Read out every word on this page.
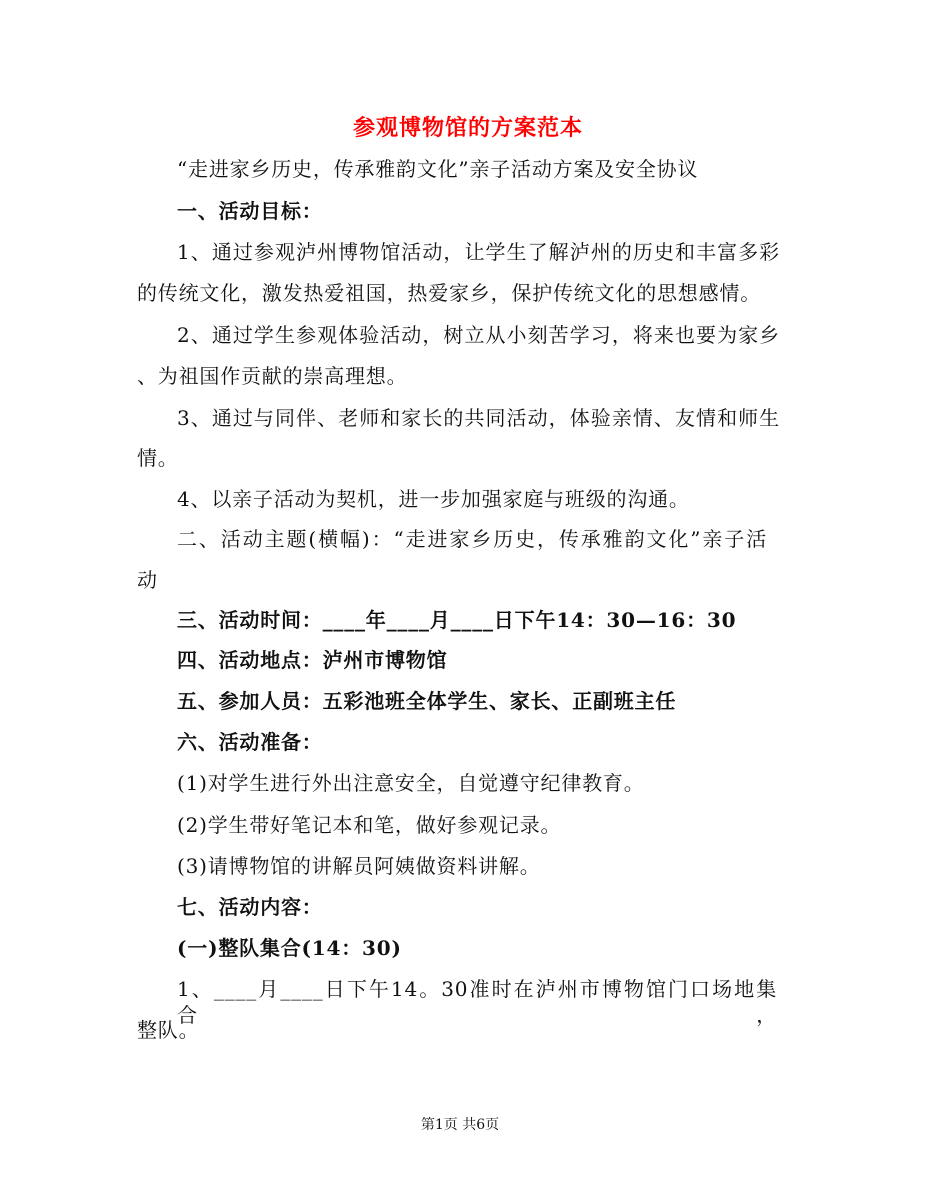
参观博物馆的方案范本
“走进家乡历史，传承雅韵文化”亲子活动方案及安全协议
一、活动目标：
1、通过参观泸州博物馆活动，让学生了解泸州的历史和丰富多彩
的传统文化，激发热爱祖国，热爱家乡，保护传统文化的思想感情。
2、通过学生参观体验活动，树立从小刻苦学习，将来也要为家乡
、为祖国作贡献的崇高理想。
3、通过与同伴、老师和家长的共同活动，体验亲情、友情和师生
情。
4、以亲子活动为契机，进一步加强家庭与班级的沟通。
二、活动主题(横幅)：“走进家乡历史，传承雅韵文化”亲子活
动
三、活动时间：____年____月____日下午14：30—16：30
四、活动地点：泸州市博物馆
五、参加人员：五彩池班全体学生、家长、正副班主任
六、活动准备：
(1)对学生进行外出注意安全，自觉遵守纪律教育。
(2)学生带好笔记本和笔，做好参观记录。
(3)请博物馆的讲解员阿姨做资料讲解。
七、活动内容：
(一)整队集合(14：30)
1、____月____日下午14。30准时在泸州市博物馆门口场地集合，
整队。
第1页 共6页
